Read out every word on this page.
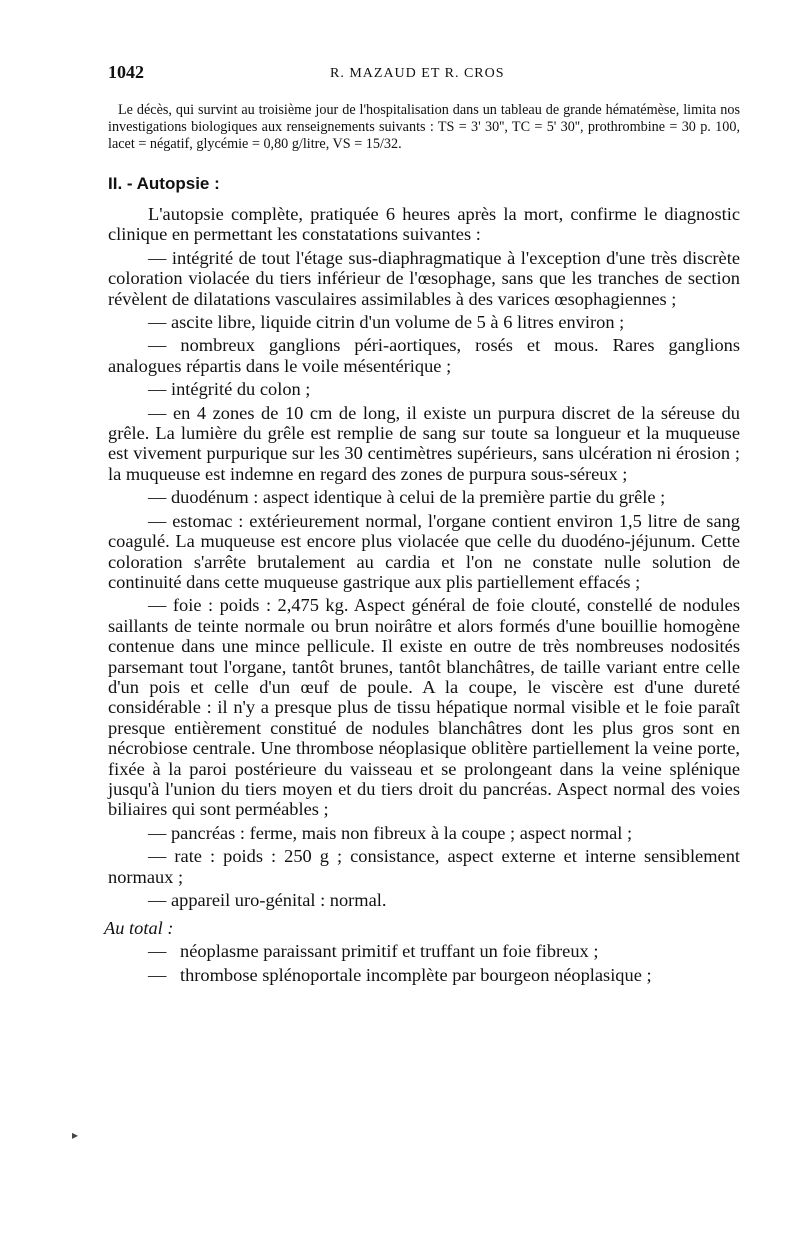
1042	R. MAZAUD ET R. CROS

Le décès, qui survint au troisième jour de l'hospitalisation dans un tableau de grande hématémèse, limita nos investigations biologiques aux renseignements suivants : TS = 3' 30'', TC = 5' 30'', prothrombine = 30 p. 100, lacet = négatif, glycémie = 0,80 g/litre, VS = 15/32.

II. - Autopsie :

L'autopsie complète, pratiquée 6 heures après la mort, confirme le diagnostic clinique en permettant les constatations suivantes :

— intégrité de tout l'étage sus-diaphragmatique à l'exception d'une très discrète coloration violacée du tiers inférieur de l'œsophage, sans que les tranches de section révèlent de dilatations vasculaires assimilables à des varices œsophagiennes ;

— ascite libre, liquide citrin d'un volume de 5 à 6 litres environ ;

— nombreux ganglions péri-aortiques, rosés et mous. Rares ganglions analogues répartis dans le voile mésentérique ;

— intégrité du colon ;

— en 4 zones de 10 cm de long, il existe un purpura discret de la séreuse du grêle. La lumière du grêle est remplie de sang sur toute sa longueur et la muqueuse est vivement purpurique sur les 30 centimètres supérieurs, sans ulcération ni érosion ; la muqueuse est indemne en regard des zones de purpura sous-séreux ;

— duodénum : aspect identique à celui de la première partie du grêle ;

— estomac : extérieurement normal, l'organe contient environ 1,5 litre de sang coagulé. La muqueuse est encore plus violacée que celle du duodéno-jéjunum. Cette coloration s'arrête brutalement au cardia et l'on ne constate nulle solution de continuité dans cette muqueuse gastrique aux plis partiellement effacés ;

— foie : poids : 2,475 kg. Aspect général de foie clouté, constellé de nodules saillants de teinte normale ou brun noirâtre et alors formés d'une bouillie homogène contenue dans une mince pellicule. Il existe en outre de très nombreuses nodosités parsemant tout l'organe, tantôt brunes, tantôt blanchâtres, de taille variant entre celle d'un pois et celle d'un œuf de poule. A la coupe, le viscère est d'une dureté considérable : il n'y a presque plus de tissu hépatique normal visible et le foie paraît presque entièrement constitué de nodules blanchâtres dont les plus gros sont en nécrobiose centrale. Une thrombose néoplasique oblitère partiellement la veine porte, fixée à la paroi postérieure du vaisseau et se prolongeant dans la veine splénique jusqu'à l'union du tiers moyen et du tiers droit du pancréas. Aspect normal des voies biliaires qui sont perméables ;

— pancréas : ferme, mais non fibreux à la coupe ; aspect normal ;

— rate : poids : 250 g ; consistance, aspect externe et interne sensiblement normaux ;

— appareil uro-génital : normal.

Au total :
— néoplasme paraissant primitif et truffant un foie fibreux ;
— thrombose splénoportale incomplète par bourgeon néoplasique ;
▸
